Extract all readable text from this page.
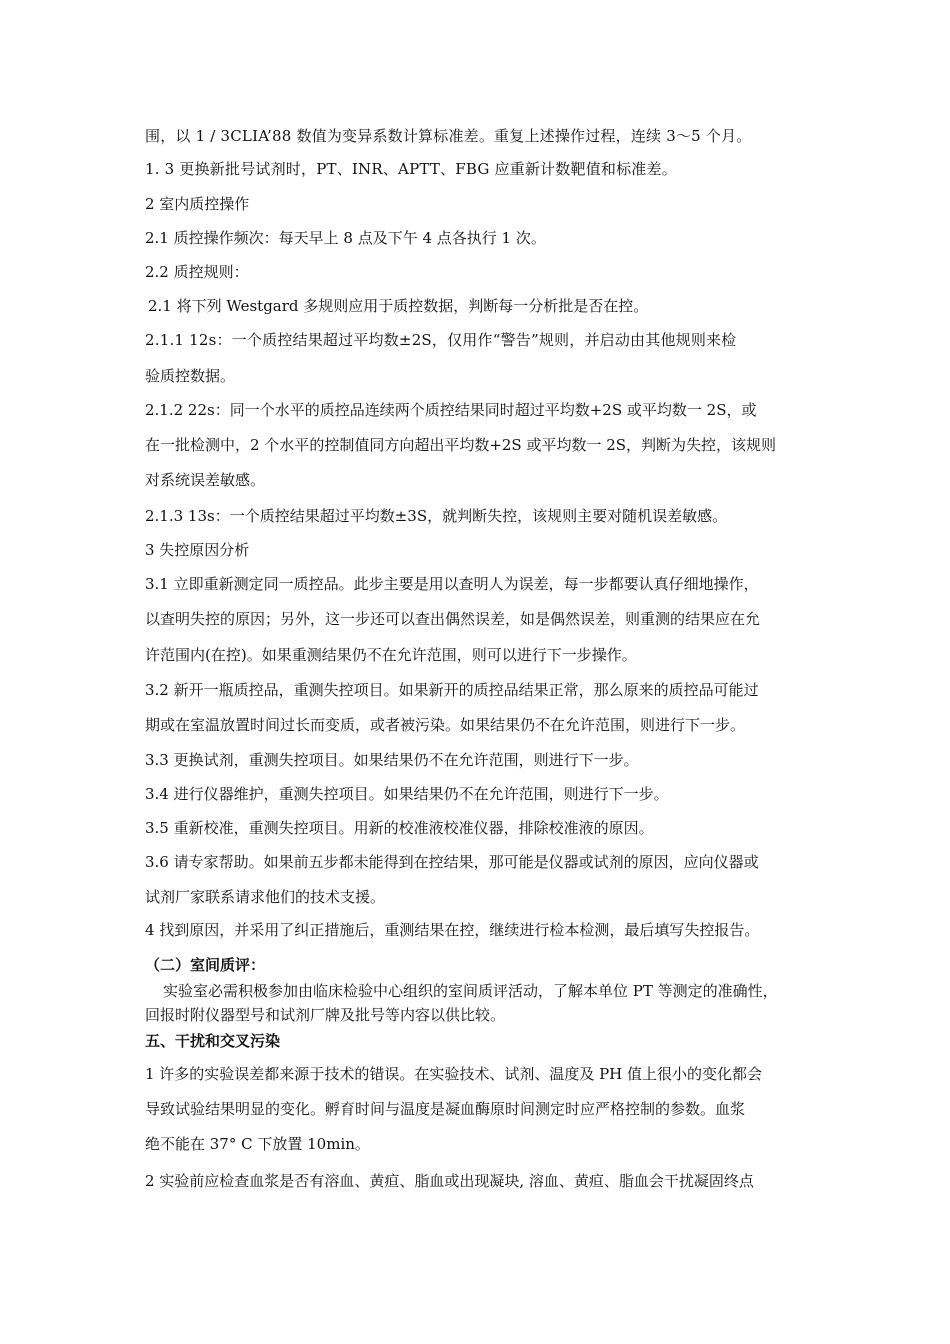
围，以 1 / 3CLIA’88 数值为变异系数计算标准差。重复上述操作过程，连续 3～5 个月。
1. 3 更换新批号试剂时，PT、INR、APTT、FBG 应重新计数靶值和标准差。
2 室内质控操作
2.1 质控操作频次：每天早上 8 点及下午 4 点各执行 1 次。
2.2 质控规则：
2.1 将下列 Westgard 多规则应用于质控数据，判断每一分析批是否在控。
2.1.1 12s：一个质控结果超过平均数±2S，仅用作“警告”规则，并启动由其他规则来检
验质控数据。
2.1.2 22s：同一个水平的质控品连续两个质控结果同时超过平均数+2S 或平均数一 2S，或
在一批检测中，2 个水平的控制值同方向超出平均数+2S 或平均数一 2S，判断为失控，该规则
对系统误差敏感。
2.1.3 13s：一个质控结果超过平均数±3S，就判断失控，该规则主要对随机误差敏感。
3 失控原因分析
3.1 立即重新测定同一质控品。此步主要是用以查明人为误差，每一步都要认真仔细地操作，
以查明失控的原因；另外，这一步还可以查出偶然误差，如是偶然误差，则重测的结果应在允
许范围内(在控)。如果重测结果仍不在允许范围，则可以进行下一步操作。
3.2 新开一瓶质控品，重测失控项目。如果新开的质控品结果正常，那么原来的质控品可能过
期或在室温放置时间过长而变质，或者被污染。如果结果仍不在允许范围，则进行下一步。
3.3 更换试剂，重测失控项目。如果结果仍不在允许范围，则进行下一步。
3.4 进行仪器维护，重测失控项目。如果结果仍不在允许范围，则进行下一步。
3.5 重新校准，重测失控项目。用新的校准液校准仪器，排除校准液的原因。
3.6 请专家帮助。如果前五步都未能得到在控结果，那可能是仪器或试剂的原因，应向仪器或
试剂厂家联系请求他们的技术支援。
4 找到原因，并采用了纠正措施后，重测结果在控，继续进行检本检测，最后填写失控报告。
（二）室间质评：
实验室必需积极参加由临床检验中心组织的室间质评活动，了解本单位 PT 等测定的准确性，
回报时附仪器型号和试剂厂牌及批号等内容以供比较。
五、干扰和交叉污染
1 许多的实验误差都来源于技术的错误。在实验技术、试剂、温度及 PH 值上很小的变化都会
导致试验结果明显的变化。孵育时间与温度是凝血酶原时间测定时应严格控制的参数。血浆
绝不能在 37° C 下放置 10min。
2 实验前应检查血浆是否有溶血、黄疸、脂血或出现凝块, 溶血、黄疸、脂血会干扰凝固终点
